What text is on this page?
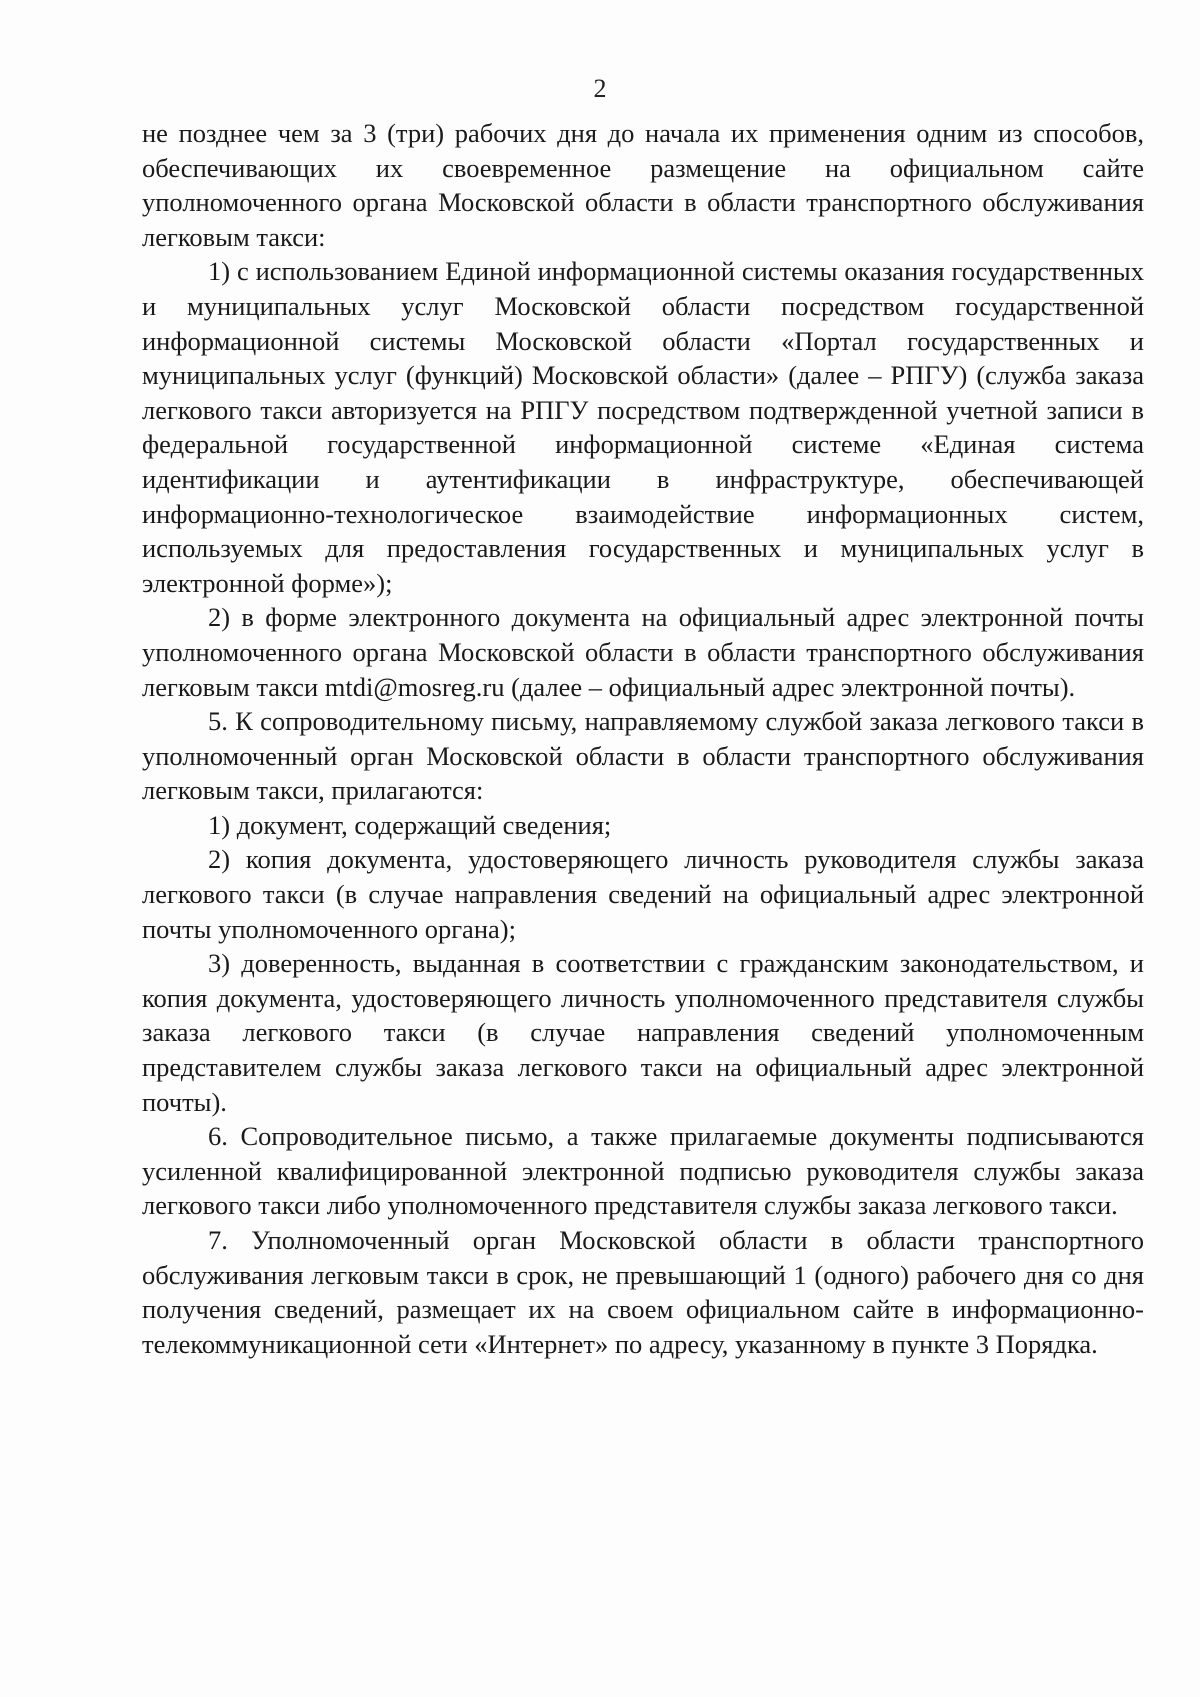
2

не позднее чем за 3 (три) рабочих дня до начала их применения одним из способов, обеспечивающих их своевременное размещение на официальном сайте уполномоченного органа Московской области в области транспортного обслуживания легковым такси:

1) с использованием Единой информационной системы оказания государственных и муниципальных услуг Московской области посредством государственной информационной системы Московской области «Портал государственных и муниципальных услуг (функций) Московской области» (далее – РПГУ) (служба заказа легкового такси авторизуется на РПГУ посредством подтвержденной учетной записи в федеральной государственной информационной системе «Единая система идентификации и аутентификации в инфраструктуре, обеспечивающей информационно-технологическое взаимодействие информационных систем, используемых для предоставления государственных и муниципальных услуг в электронной форме»);

2) в форме электронного документа на официальный адрес электронной почты уполномоченного органа Московской области в области транспортного обслуживания легковым такси mtdi@mosreg.ru (далее – официальный адрес электронной почты).

5. К сопроводительному письму, направляемому службой заказа легкового такси в уполномоченный орган Московской области в области транспортного обслуживания легковым такси, прилагаются:

1) документ, содержащий сведения;

2) копия документа, удостоверяющего личность руководителя службы заказа легкового такси (в случае направления сведений на официальный адрес электронной почты уполномоченного органа);

3) доверенность, выданная в соответствии с гражданским законодательством, и копия документа, удостоверяющего личность уполномоченного представителя службы заказа легкового такси (в случае направления сведений уполномоченным представителем службы заказа легкового такси на официальный адрес электронной почты).

6. Сопроводительное письмо, а также прилагаемые документы подписываются усиленной квалифицированной электронной подписью руководителя службы заказа легкового такси либо уполномоченного представителя службы заказа легкового такси.

7. Уполномоченный орган Московской области в области транспортного обслуживания легковым такси в срок, не превышающий 1 (одного) рабочего дня со дня получения сведений, размещает их на своем официальном сайте в информационно-телекоммуникационной сети «Интернет» по адресу, указанному в пункте 3 Порядка.
